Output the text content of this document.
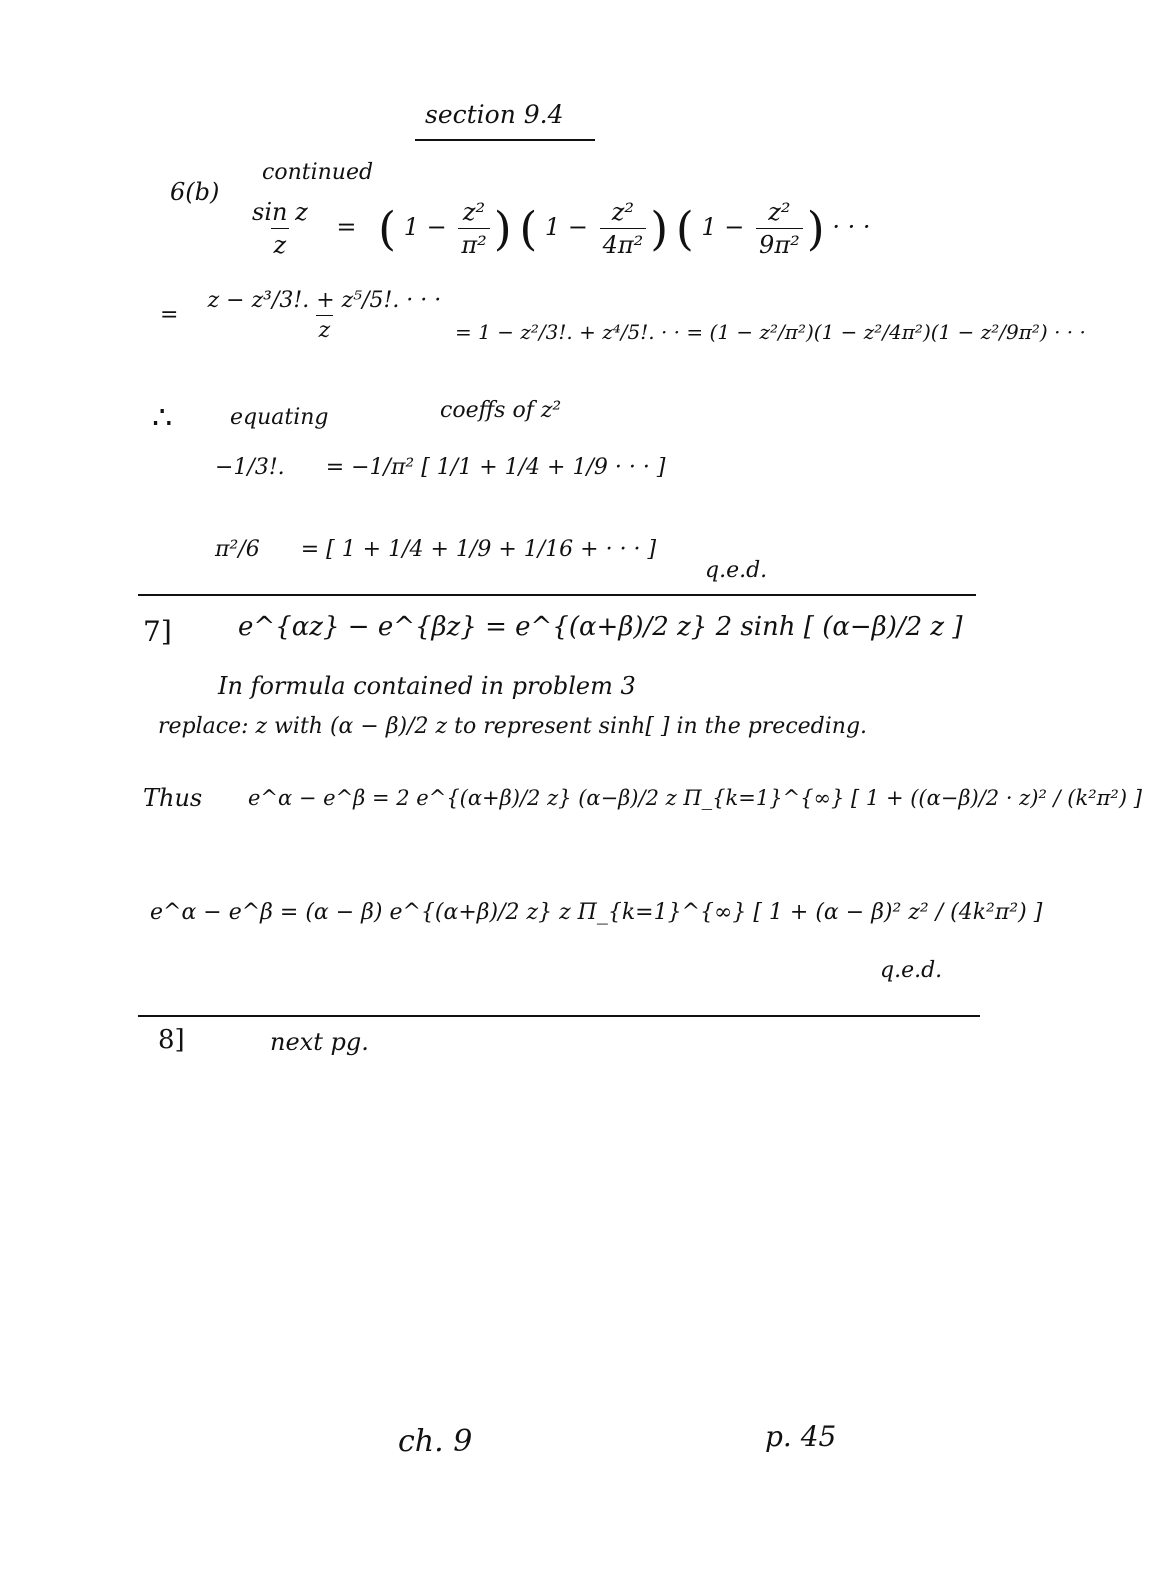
section 9.4
6(b)
continued
$\frac{\text{sin z}}{z}$ = ( $1 - \frac{\text{z²}}{\text{π²}}$ ) ( $1 - \frac{\text{z²}}{\text{4π²}}$ ) ( $1 - \frac{\text{z²}}{\text{9π²}}$ ) · · ·
= $\frac{\text{z − z³/3!. + z⁵/5!. · · ·}}{z}$
= 1 − z²/3!. + z⁴/5!. · · = (1 − z²/π²)(1 − z²/4π²)(1 − z²/9π²) · · ·
∴	equating	coeffs of z²
−1/3!. = −1/π² [ 1/1 + 1/4 + 1/9 · · · ]
π²/6 = [ 1 + 1/4 + 1/9 + 1/16 + · · · ]
q.e.d.
7]	e^{αz} − e^{βz} = e^{(α+β)/2 z} 2 sinh [ (α−β)/2 z ]
In formula contained in problem 3
replace: z with (α − β)/2 z to represent sinh[ ] in the preceding.
Thus e^α − e^β = 2 e^{(α+β)/2 z} (α−β)/2 z Π_{k=1}^{∞} [ 1 + ((α−β)/2 · z)² / (k²π²) ]
e^α − e^β = (α − β) e^{(α+β)/2 z} z Π_{k=1}^{∞} [ 1 + (α − β)² z² / (4k²π²) ]
q.e.d.
8]	next pg.
ch. 9	p. 45
